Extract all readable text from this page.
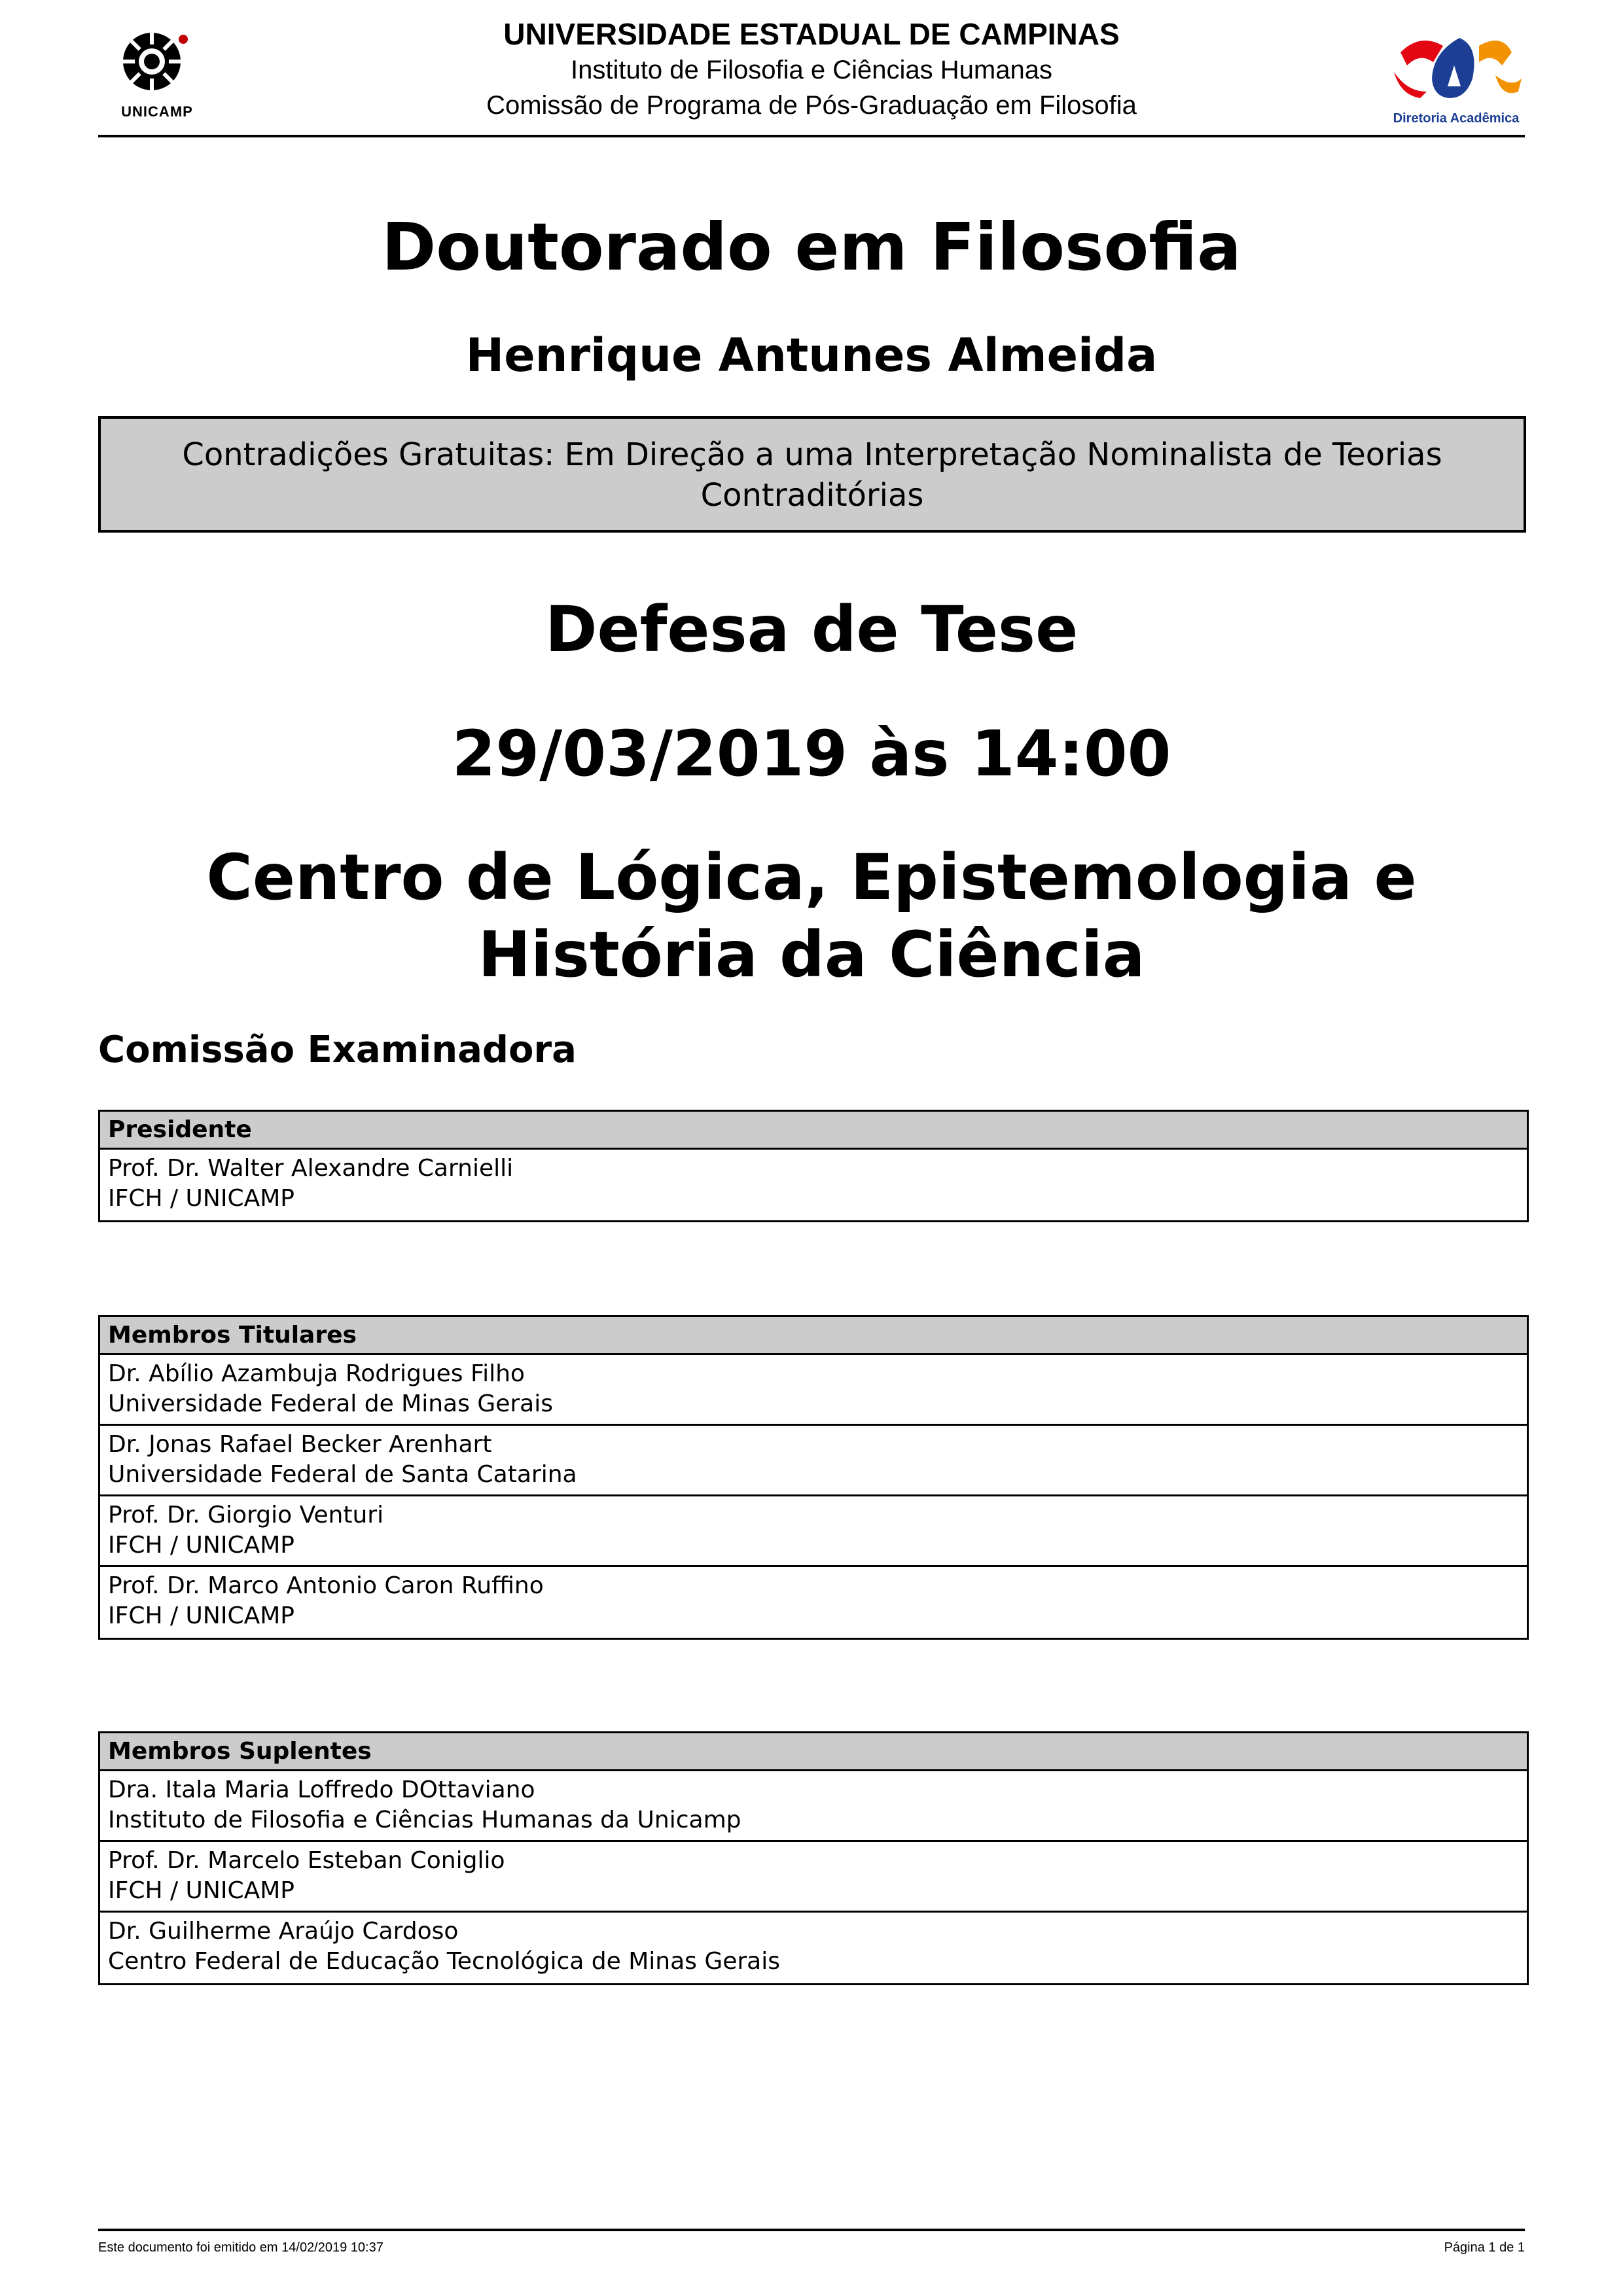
UNICAMP
UNIVERSIDADE ESTADUAL DE CAMPINAS
Instituto de Filosofia e Ciências Humanas
Comissão de Programa de Pós-Graduação em Filosofia	Diretoria Acadêmica
Doutorado em Filosofia
Henrique Antunes Almeida
Contradições Gratuitas: Em Direção a uma Interpretação Nominalista de Teorias Contraditórias
Defesa de Tese
29/03/2019 às 14:00
Centro de Lógica, Epistemologia e História da Ciência
Comissão Examinadora
Presidente
Prof. Dr. Walter Alexandre Carnielli
IFCH / UNICAMP
Membros Titulares
Dr. Abílio Azambuja Rodrigues Filho
Universidade Federal de Minas Gerais
Dr. Jonas Rafael Becker Arenhart
Universidade Federal de Santa Catarina
Prof. Dr. Giorgio Venturi
IFCH / UNICAMP
Prof. Dr. Marco Antonio Caron Ruffino
IFCH / UNICAMP
Membros Suplentes
Dra. Itala Maria Loffredo DOttaviano
Instituto de Filosofia e Ciências Humanas da Unicamp
Prof. Dr. Marcelo Esteban Coniglio
IFCH / UNICAMP
Dr. Guilherme Araújo Cardoso
Centro Federal de Educação Tecnológica de Minas Gerais
Este documento foi emitido em 14/02/2019 10:37	Página 1 de 1
